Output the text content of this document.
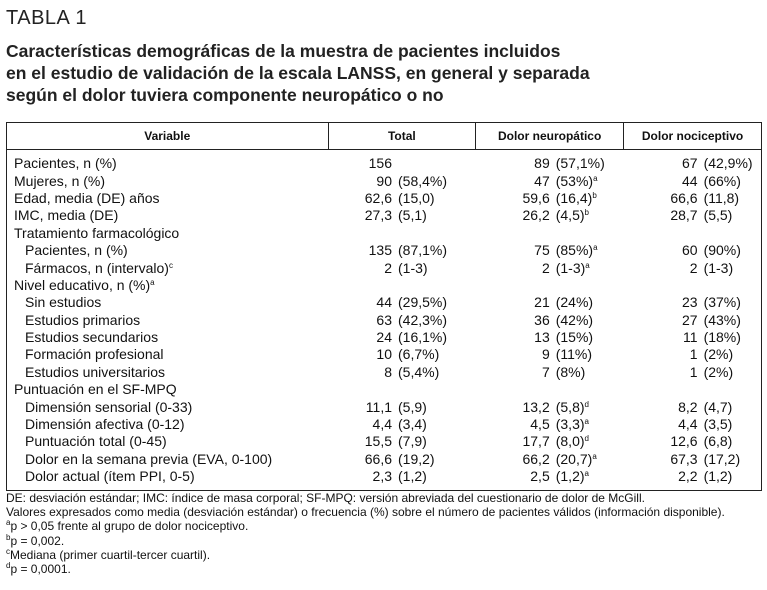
TABLA 1
Características demográficas de la muestra de pacientes incluidos
en el estudio de validación de la escala LANSS, en general y separada
según el dolor tuviera componente neuropático o no
Variable	Total	Dolor neuropático	Dolor nociceptivo
Pacientes, n (%)	156	89 (57,1%)	67 (42,9%)
Mujeres, n (%)	90 (58,4%)	47 $(53\%)^a$	44 (66%)
Edad, media (DE) años	62,6 (15,0)	59,6 $(16,4)^b$	66,6 (11,8)
IMC, media (DE)	27,3 (5,1)	26,2 $(4,5)^b$	28,7 (5,5)
Tratamiento farmacológico			
Pacientes, n (%)	135 (87,1%)	75 $(85\%)^a$	60 (90%)
Fármacos, n (intervalo)$^c$	2 (1-3)	2 $(1-3)^a$	2 (1-3)
Nivel educativo, n (%)$^a$			
Sin estudios	44 (29,5%)	21 (24%)	23 (37%)
Estudios primarios	63 (42,3%)	36 (42%)	27 (43%)
Estudios secundarios	24 (16,1%)	13 (15%)	11 (18%)
Formación profesional	10 (6,7%)	9 (11%)	1 (2%)
Estudios universitarios	8 (5,4%)	7 (8%)	1 (2%)
Puntuación en el SF-MPQ			
Dimensión sensorial (0-33)	11,1 (5,9)	13,2 $(5,8)^d$	8,2 (4,7)
Dimensión afectiva (0-12)	4,4 (3,4)	4,5 $(3,3)^a$	4,4 (3,5)
Puntuación total (0-45)	15,5 (7,9)	17,7 $(8,0)^d$	12,6 (6,8)
Dolor en la semana previa (EVA, 0-100)	66,6 (19,2)	66,2 $(20,7)^a$	67,3 (17,2)
Dolor actual (ítem PPI, 0-5)	2,3 (1,2)	2,5 $(1,2)^a$	2,2 (1,2)
DE: desviación estándar; IMC: índice de masa corporal; SF-MPQ: versión abreviada del cuestionario de dolor de McGill.
Valores expresados como media (desviación estándar) o frecuencia (%) sobre el número de pacientes válidos (información disponible).
$^a$p > 0,05 frente al grupo de dolor nociceptivo.
$^b$p = 0,002.
$^c$Mediana (primer cuartil-tercer cuartil).
$^d$p = 0,0001.
